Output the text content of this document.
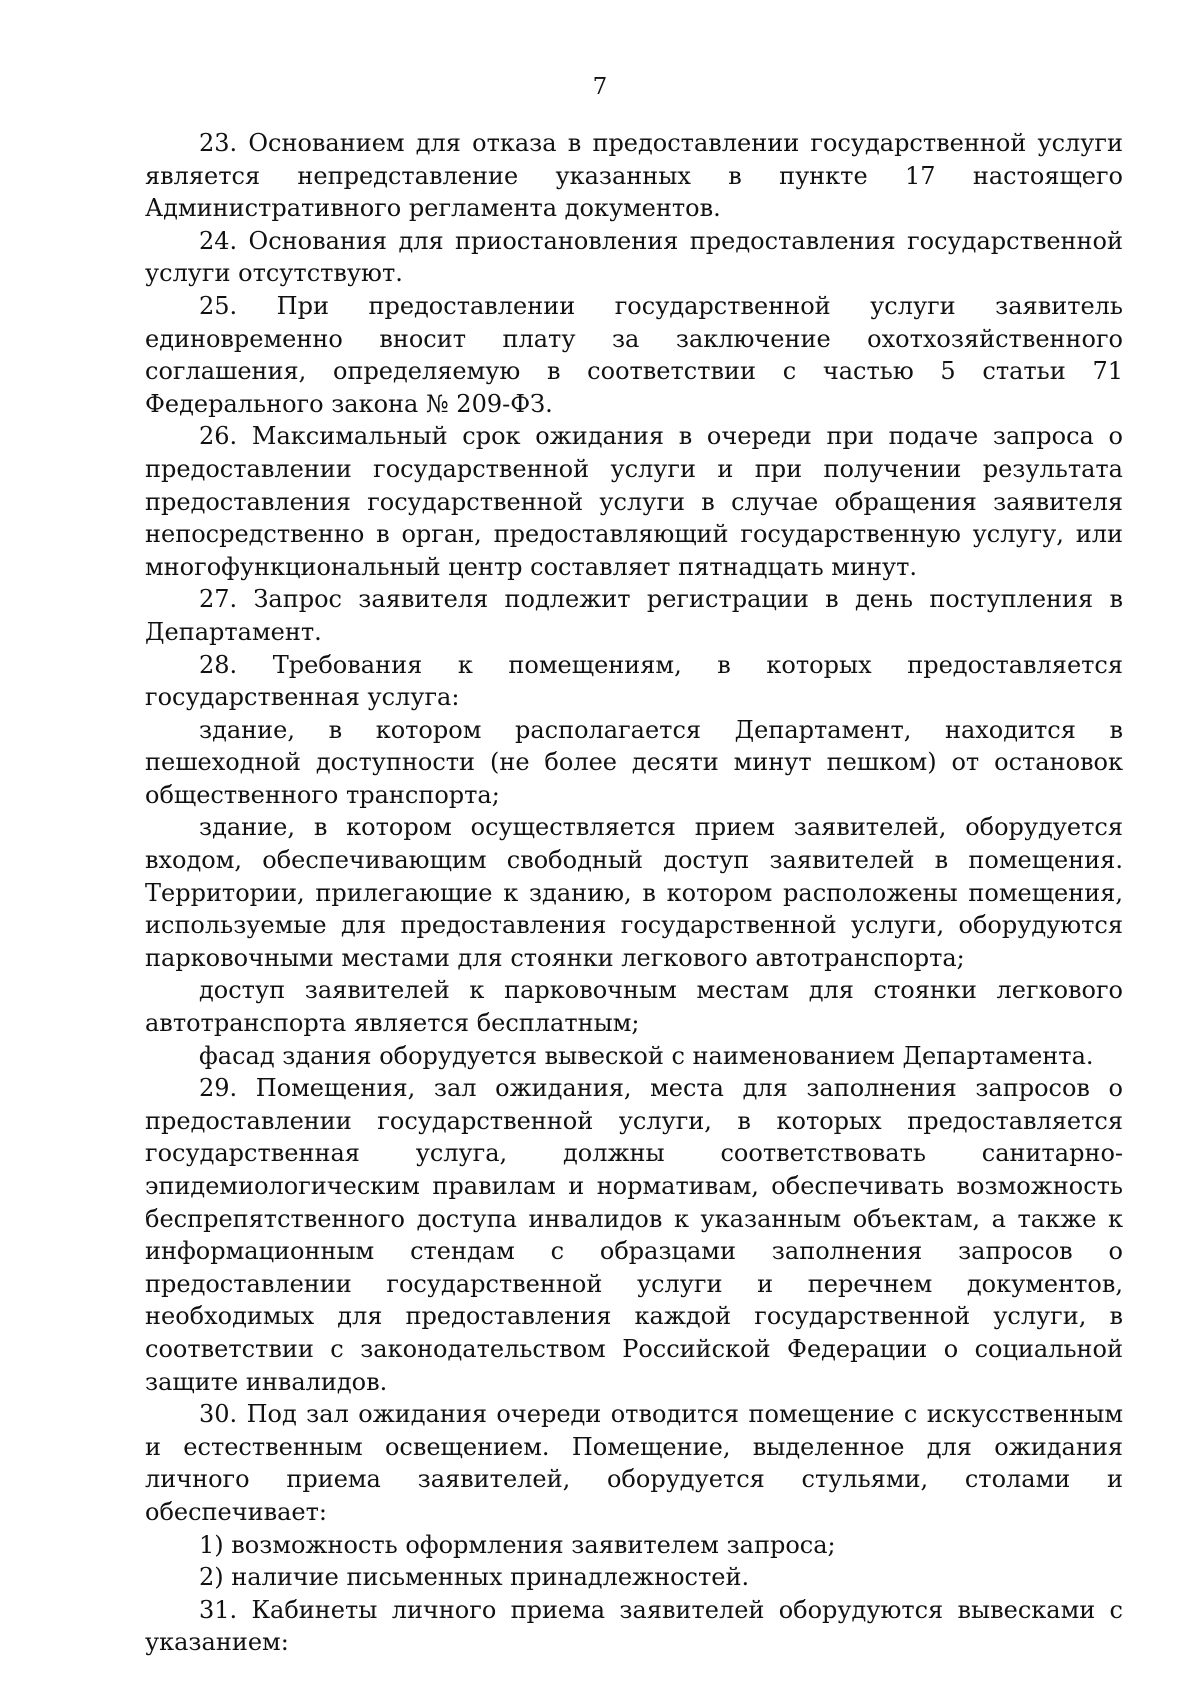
7

23. Основанием для отказа в предоставлении государственной услуги является непредставление указанных в пункте 17 настоящего Административного регламента документов.

24. Основания для приостановления предоставления государственной услуги отсутствуют.

25. При предоставлении государственной услуги заявитель единовременно вносит плату за заключение охотхозяйственного соглашения, определяемую в соответствии с частью 5 статьи 71 Федерального закона № 209-ФЗ.

26. Максимальный срок ожидания в очереди при подаче запроса о предоставлении государственной услуги и при получении результата предоставления государственной услуги в случае обращения заявителя непосредственно в орган, предоставляющий государственную услугу, или многофункциональный центр составляет пятнадцать минут.

27. Запрос заявителя подлежит регистрации в день поступления в Департамент.

28. Требования к помещениям, в которых предоставляется государственная услуга:

здание, в котором располагается Департамент, находится в пешеходной доступности (не более десяти минут пешком) от остановок общественного транспорта;

здание, в котором осуществляется прием заявителей, оборудуется входом, обеспечивающим свободный доступ заявителей в помещения. Территории, прилегающие к зданию, в котором расположены помещения, используемые для предоставления государственной услуги, оборудуются парковочными местами для стоянки легкового автотранспорта;

доступ заявителей к парковочным местам для стоянки легкового автотранспорта является бесплатным;

фасад здания оборудуется вывеской с наименованием Департамента.

29. Помещения, зал ожидания, места для заполнения запросов о предоставлении государственной услуги, в которых предоставляется государственная услуга, должны соответствовать санитарно-эпидемиологическим правилам и нормативам, обеспечивать возможность беспрепятственного доступа инвалидов к указанным объектам, а также к информационным стендам с образцами заполнения запросов о предоставлении государственной услуги и перечнем документов, необходимых для предоставления каждой государственной услуги, в соответствии с законодательством Российской Федерации о социальной защите инвалидов.

30. Под зал ожидания очереди отводится помещение с искусственным и естественным освещением. Помещение, выделенное для ожидания личного приема заявителей, оборудуется стульями, столами и обеспечивает:

1) возможность оформления заявителем запроса;

2) наличие письменных принадлежностей.

31. Кабинеты личного приема заявителей оборудуются вывесками с указанием:
